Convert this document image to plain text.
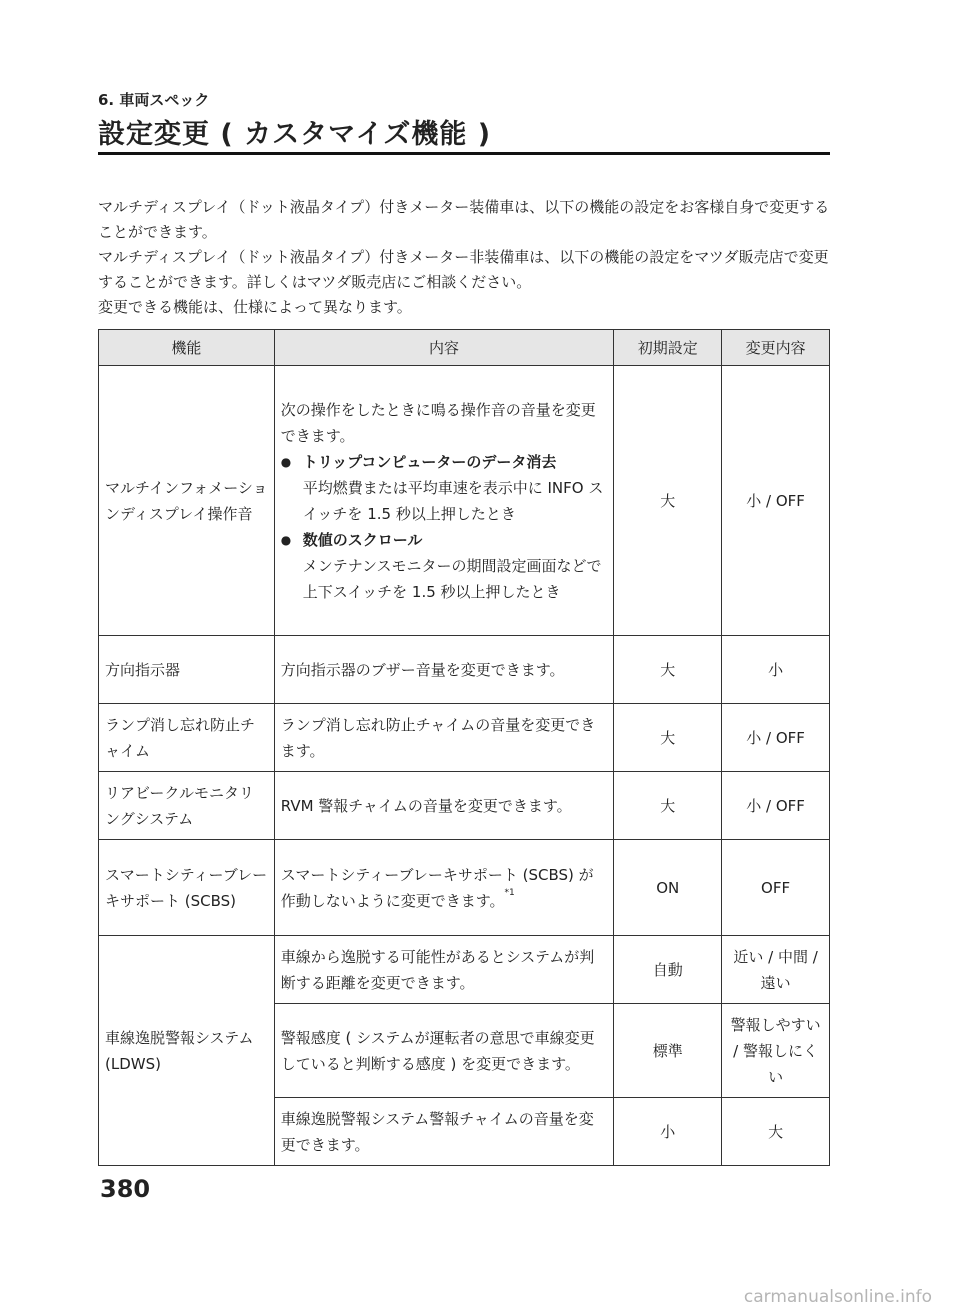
6. 車両スペック
設定変更 ( カスタマイズ機能 )

マルチディスプレイ（ドット液晶タイプ）付きメーター装備車は、以下の機能の設定をお客様自身で変更することができます。

マルチディスプレイ（ドット液晶タイプ）付きメーター非装備車は、以下の機能の設定をマツダ販売店で変更することができます。詳しくはマツダ販売店にご相談ください。

変更できる機能は、仕様によって異なります。

機能	内容	初期設定	変更内容
マルチインフォメーションディスプレイ操作音	次の操作をしたときに鳴る操作音の音量を変更できます。
● トリップコンピューターのデータ消去
平均燃費または平均車速を表示中に INFO スイッチを 1.5 秒以上押したとき
● 数値のスクロール
メンテナンスモニターの期間設定画面などで上下スイッチを 1.5 秒以上押したとき	大	小 / OFF
方向指示器	方向指示器のブザー音量を変更できます。	大	小
ランプ消し忘れ防止チャイム	ランプ消し忘れ防止チャイムの音量を変更できます。	大	小 / OFF
リアビークルモニタリングシステム	RVM 警報チャイムの音量を変更できます。	大	小 / OFF
スマートシティーブレーキサポート (SCBS)	スマートシティーブレーキサポート (SCBS) が作動しないように変更できます。$^{*1}$	ON	OFF
車線逸脱警報システム (LDWS)	車線から逸脱する可能性があるとシステムが判断する距離を変更できます。	自動	近い / 中間 / 遠い
	警報感度 ( システムが運転者の意思で車線変更していると判断する感度 ) を変更できます。	標準	警報しやすい / 警報しにくい
	車線逸脱警報システム警報チャイムの音量を変更できます。	小	大
380
carmanualsonline.info
